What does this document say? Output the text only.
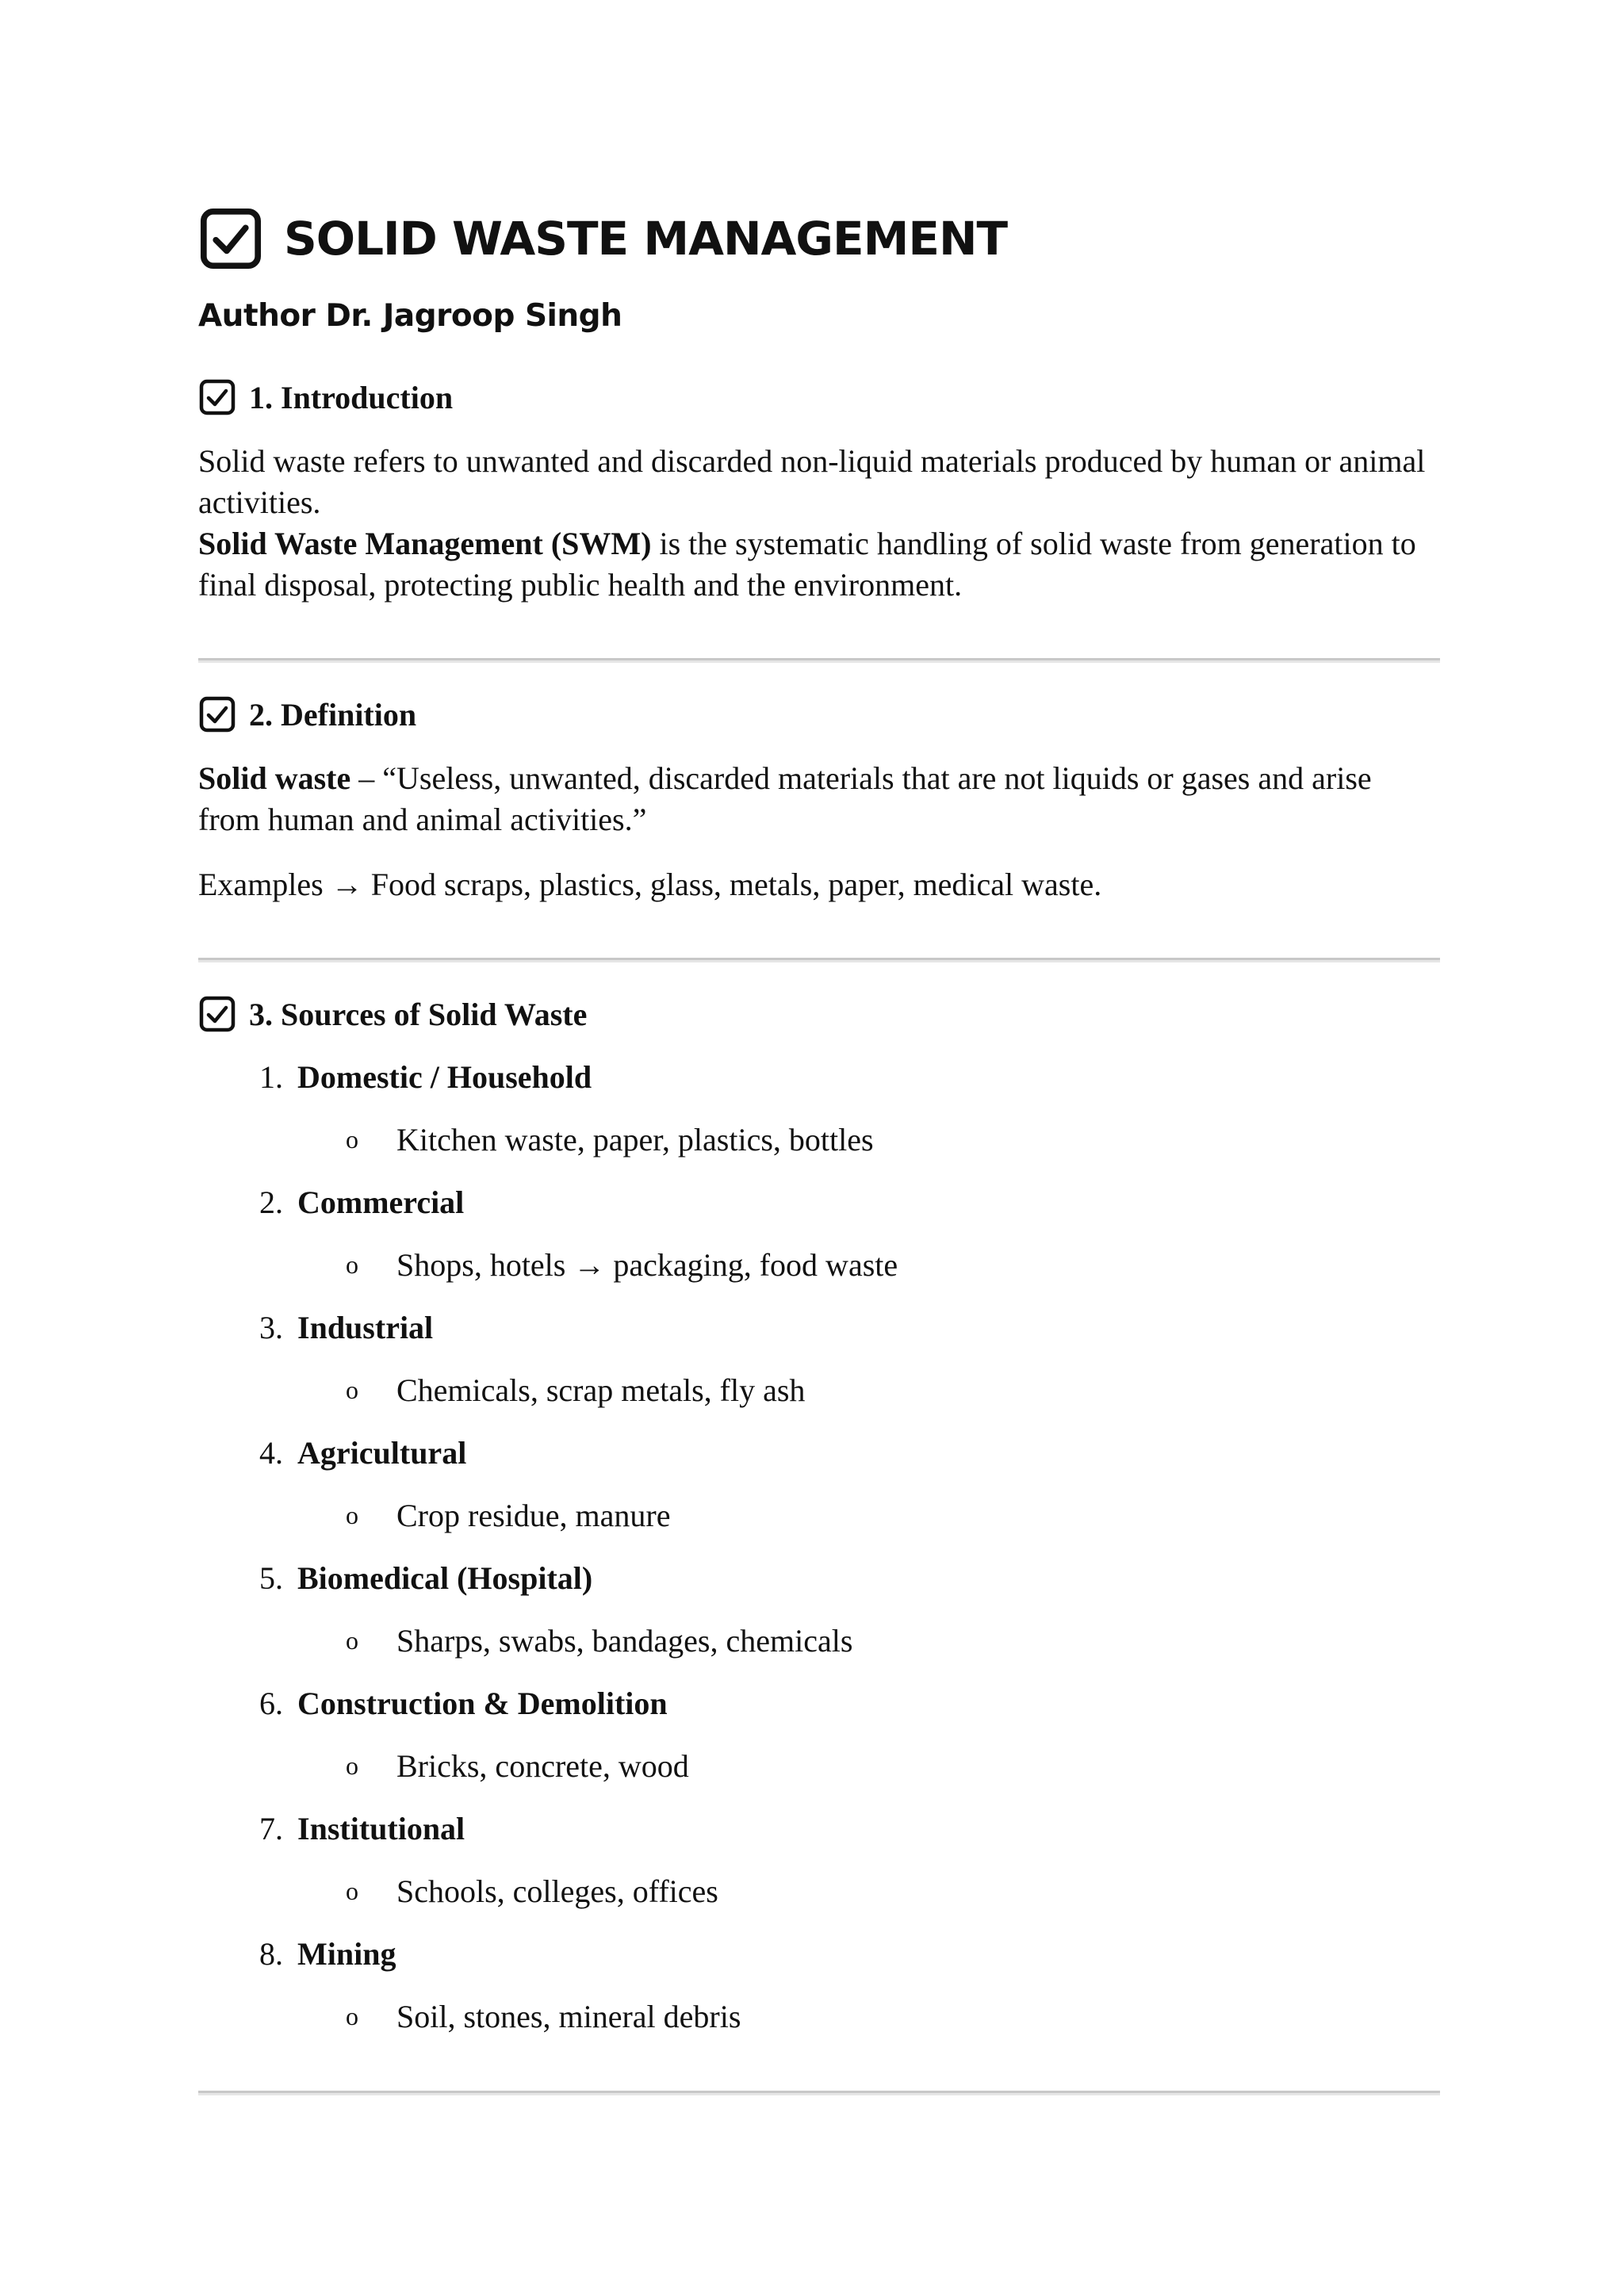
SOLID WASTE MANAGEMENT
Author Dr. Jagroop Singh
1. Introduction
Solid waste refers to unwanted and discarded non-liquid materials produced by human or animal activities.
Solid Waste Management (SWM) is the systematic handling of solid waste from generation to final disposal, protecting public health and the environment.
2. Definition
Solid waste – “Useless, unwanted, discarded materials that are not liquids or gases and arise from human and animal activities.”
Examples → Food scraps, plastics, glass, metals, paper, medical waste.
3. Sources of Solid Waste
1. Domestic / Household
o Kitchen waste, paper, plastics, bottles
2. Commercial
o Shops, hotels → packaging, food waste
3. Industrial
o Chemicals, scrap metals, fly ash
4. Agricultural
o Crop residue, manure
5. Biomedical (Hospital)
o Sharps, swabs, bandages, chemicals
6. Construction & Demolition
o Bricks, concrete, wood
7. Institutional
o Schools, colleges, offices
8. Mining
o Soil, stones, mineral debris
